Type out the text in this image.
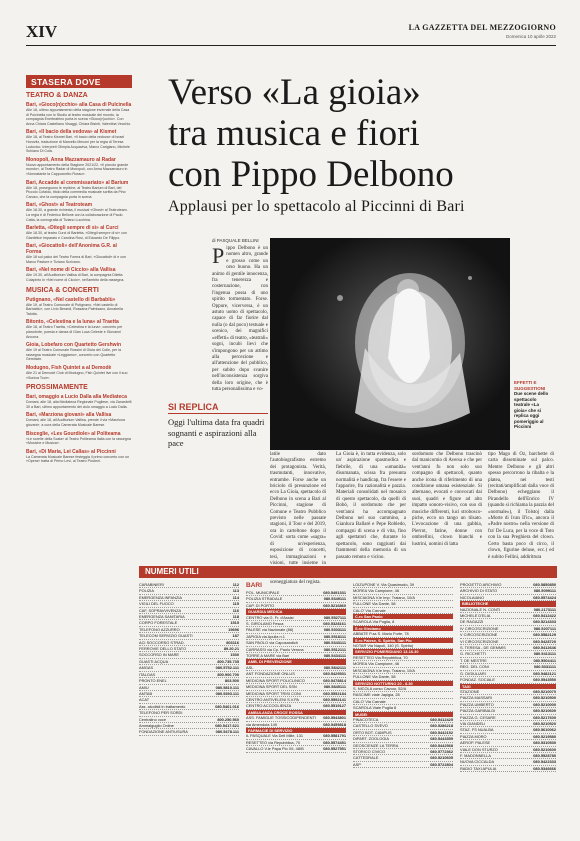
XIV	LA GAZZETTA DEL MEZZOGIORNO
Domenica 10 aprile 2022
STASERA DOVE
TEATRO & DANZA
Bari, «Gioco(n)cchio» alla Casa di Pulcinella
Alle 18, ultimo appuntamento della stagione invernale della Casa di Pulcinella con lo Studio al teatro musicale del mondo, la compagnia Enerteatrino porta in scena «Gioco(n)cchio». Con Anna Chiara Castellano Visaggi, Chiara Bisinti, Valentina Vecchio.
Bari, «Il bacio della vedova» al Kismet
Alle 18, al Teatro Kismet Bari, «Il bacio della vedova» di Israel Horovitz, traduzione di Marcello Meconi per la regia di Teresa Ludovico. Interpreti Olimpia Acquaviva, Marco Carigiano, Michele Schiano Di Cola.
Monopoli, Anna Mazzamauro al Radar
Nuovo appuntamento della Stagione 2021/22, «Il piccolo grande mondo», al Teatro Radar di Monopoli, con Anna Mazzamauro in «Nonostante la Cappuccetto Rosso».
Bari, Accadde al commissariato» al Barium
Alle 18, proseguono le repliche, al Teatro Barium di Bari, del Piccolo Cofaldo, titolo della commedia musicale scritta da Pino Caruso, che la compagnia porta in scena.
Bari, «Ghost» al Teatroteam
Alle 18.30, a grande richiesta, il musical «Ghost» al Teatroteam. La regia è di Federico Bellone con la collaborazione di Paolo Catta, la coreografia di Tiziano Lucchina.
Barletta, «Ditegli sempre di sì» al Curci
Alle 18.30, al teatro Curci di Barletta, «Ditegli sempre di sì» con Gianfelice Imparato e Carolina Rosi, di Eduardo De Filippo.
Bari, «Giocattoli» dell'Anonima G.R. al Forma
Alle 18 sul palco del Teatro Forma di Bari, «Giocattoli» di e con Marco Pastore e Tiziano Scrivano.
Bari, «Nel nome di Ciccio» alla Vallisa
Alle 19.30, all'Auditorium Vallisa di Bari, la compagnia Diletta Colapinto in «Nel nome di Ciccio», nell'ambito della rassegna.
MUSICA & CONCERTI
Putignano, «Nel castello di Barbablù»
Alle 19, al Teatro Comunale di Putignano, «Nel castello di Barbablù», con Livio Berardi, Rossana Palmisano, Annabella Talotta.
Bitonto, «Celestina e la luna» al Traetta
Alle 18, al Teatro Traetta, «Celestina e la luna», concerto per pianoforte, poesia e danza di Gian Luca Celeste e Giovanni Ancona.
Gioia, Lobefaro con Quartetto Gershwin
Alle 19 al Teatro Comunale Rossini di Gioia del Colle, per la rassegna musicale «Leggiamo», concerto con Quartetto Gershwin.
Modugno, Fish Quintet a al Demodè
Alle 21 al Demodè Club di Modugno, Fish Quintet live con il suo «Sonica Tour».
PROSSIMAMENTE
Bari, omaggio a Lucio Dalla alla Mediateca
Domani, alle 18, alla Mediateca Regionale Pugliese, via Zanardelli 30 a Bari, ultimo appuntamento del ciclo omaggio a Lucio Dalla.
Bari, «Marziona giovani» alla Vallisa
Domani, alle 18, all'Auditorium Vallisa, prende il via «Marziona giovani», a cura della Camerata Musicale Barese.
Bisceglie, «Les Gourdiole» al Politeama
«Le sorelle della Scala» al Teatro Politeama Italia con la rassegna «Musiche e Musica».
Bari, «Di Maria, Lei Callas» al Piccinni
La Camerata Musicale Barese festeggia il primo concerto con un «Opera» tratta di Primo Levi, al Teatro Piccinni.
Verso «La gioia»
tra musica e fiori
con Pippo Delbono
Applausi per lo spettacolo al Piccinni di Bari
di PASQUALE BELLINI
P ippo Delbono è un nomen altro, grande e grosso come un orso buono. Ha un animo di gentile innocenza, fra tenerezza e costernazione, con l'ingenua possa di uno spirito tormentato. Forse. Oppure, vicerversa, è un astuto uomo di spettacolo, capace di far fiorire dal nulla (o dal poco) testuale e scenico, dei magnifici «effetti» di teatro, «teatrali» sogni, incubi lievi che s'impongono per un attimo alla percezione e all'attenzione del pubblico, per subito dopo svanire nell'inconsistenza sorgiva della loro origine, che è tutta personalissima e vo-
EFFETTI E SUGGESTIONI
Due scene dello spettacolo teatrale «La gioia» che si replica oggi pomeriggio al Piccinni
latile dato l'autobiografismo estremo dei protagonista. Verità, trasmutanti, innovative, entrambe. Forse anche un briciolo di presunzione ed ecco La Gioia, spettacolo di Delbono in scena a Bari al Piccinni, stagione di Comune e Teatro Pubblico previsto nelle passate stagioni, il Tour e del 2019, ora in carteltone dopo il Covid: sorta come «sagra» di un'esperienza, esposizione di concetti, tesi, immaginazioni e visioni, tutte insieme in sceneggiatura del regista.
SI REPLICA
Oggi l'ultima data fra quadri sognanti e aspirazioni alla pace
La Gioia è, in tutta evidenza, solo un' aspirazione spasmodica e fiebrile, di una «umanità» disumanata, scissa fra presunta normalità e handicap, fra l'essere e l'apparire, fra razionalità e pazzia. Materiali consolidati nel mosaico di questo spettacolo, da quelli di Bobò, il sordomuto che per vent'anni ha accompagnato Delbono nel suo cammino, a Gianluca Ballarè e Pepe Robledo, compagni di scena e di vita, fino agli spettatori che, durante lo spettacolo, sono raggiunti dai frammenti della memoria di un passato remoto e vicino.
sordomuto che Delbono trascinò dal manicomio di Aversa e che per vent'anni fu non solo suo compagno di spettacoli, quanto anche icona di riferimento di una condizione umana esistenziale. Si alternano, evocati e convocati dai suoi, quadri e figure ad alto impatto sonoro-visivo, con suo di musiche differenti, luci strobosco-piche, ecco un tango un tilsato. L'evocazione di una gabbia, Pierrot, fatine, donne con ombrellini, clown bianchi e lustrini, uomini di latta
tipo Mago di Oz, barchette di carta disseminate sul palco. Mentre Delbono e gli altri spesso percorrono la ribalta e la platea, nei testi (recitati/amplificati dalla voce di Delbono) echeggiano il Pirandello dell'Enrico IV (quando si richiama la pazzia del «normale»), il Tolstoj dalla «Morte di Ivan Il'ic», ancora il «Padre nostro» nella versione di fra' De Luca, per la voce di Toto con la sua Preghiera del clown. Certo basta poco di circo, il clown, figurine deluse, ecc.) ed è subito Fellini, addirittura
NUMERI UTILI
CARABINIERI	112
POLIZIA	113
EMERGENZA INFANZIA	114
VIGILI DEL FUOCO	115
CAF, SOPRAVVIVENZA	116
EMERGENZA SANITARIA	118
CORPO FORESTALE	1515
TELEFONO AZZURRO	19696
TELECOM SERVIZIO GUASTI	187
ACI SOCCORSO STRAD.	803116
FERROVIE DELLO STATO	89.20.21
SOCCORSO IN MARE	1530
GUASTI ACQUA	800.735.735
AMGAS	080.5752.111
ITALGAS	800.900.700
PRONTO ENEL	803.500
AMIU	080.5810.111
AMTAB	080.5393.111
ACAT
Ass. alcolisti in trattamento	080.5461.016
TELEFONO PER SORDI
Centralino voce	800.250.560
Ammalguglio Online	080.5417.621
FONDAZIONE ANTIUSURA	080.5478.111
BARI
POL. MUNICIPALE	080.5491331
POLIZIA STRADALE	080.5349111
CAP. DI PORTO	080.5216860
GUARDIA MEDICA
CENTRO via G. Fr. d'Assisi	080.5527111
S. GIROLAMO Fesca	080.5328161
PALESE via Nazionale (86)	080.5303111
JAPIGIA via Apulia n.1	080.5518111
SAN PAOLO via Caposandich	080.5343111
CARRASSI via Cp. Paolo Verona	080.5512111
TORRE A MARE via Bari	080.5434111
AMB. DI PREVENZIONE
ASL	080.5842111
ANT FONDAZIONE ONLUS	080.5429531
MEDICINA SPORT POLICLINICO	080.5478814
MEDICINA SPORT DEL SSN	080.5845111
MEDICINA SPORT TRISI CONI	080.5552184
CENTRO ANTIVELENI S.V.PA	080.5592141
CENTRO ACCOGLIENZA	080.5519127
AMBULANZA CROCE ROSSA
ASS. FAMIGLIE TOSSICODIPENDENTI 080.5543801
via Amendola 149	080.5459818
FARMACIE DI SERVIZIO
IL PASQUALE Via Dell Mille, 131	080.5581791
RESETTEO via Repubblica, 70	080.5574451
CAVALLO V.le Papa Pio XII, 48/B	080.5527551
LOIZUPONE V. Via Quasimodo, 39
MOREA Via Campione, 46
MISCIAGNA V.le Imp. Traiano, 10/A
FULLONE Via Dante, 58
CALO' Via Carnale
C.ro San Paolo
SCAROLA Via Puglia, 8
S.ro Girolamo
ABBATE P.za S. Mario Forte, 78
S.ro Palese, S. Spirito, San Pio
NOTAR Via Napoli, 140 (S. Spirito)
SERVIZIO POMERIDIANO 13-16.30
RESETTEO Via Repubblica, 70
MOREA Via Campione, 46
MISCIAGNA V.le Imp. Traiano, 10/A
FULLONE Via Dante, 58
SERVIZIO NOTTURNO 20 - 8.30
S. NICOLA corso Cavour, 52/A
RASCIME viale Japigia, 28
CALO' Via Carnale
SCAROLA Viale Puglia 8
MUSEI
PINACOTECA	080.5412425
CASTELLO SVEVO	080.5286218
ORTO BOT. CAMPUS	080.5442152
DIPART. ZOOLOGIA	080.5443359
GEOSCIENZE LA TERRA	080.5442568
STORICO CIVICO	080.5772362
CATTEDRALE	080.5210605
ASP	080.5722804
PROGETTO ARCHIVIO	080.5850850
ARCHIVIO DI STATO	080.5099111
NICOLAIANO	080.5574424
BIBLIOTECHE
NAZIONALE N. CONTI	080.2173111
MICHELE D'ELIA	080.5412422
DE RAGAZZI	080.5214333
IV CIRCOSCRIZIONE	080.5207111
V CIRCOSCRIZIONE	080.5582129
VI CIRCOSCRIZIONE	080.5428720
S. TERESA - DE GEMMIS	080.5412646
G. RICCHETTI	080.5413111
T. DE MESTRE	080.5504411
REG. DEL CONI	080.5331111
G. DIGIULIARI	080.5482121
FONDAZ. SOCIALE	080.5543550
TAXI
STAZIONE	080.5210070
PIAZZA MASSARI	080.5210500
PIAZZA UMBERTO	080.5210000
PIAZZA GARIBALDI	080.5210600
PIAZZA G. CESARE	080.5217600
VIA GIANDELI	080.5210520
STAZ. FS NUALBA	080.5610062
PIAZZA MORO	080.5219580
AEROP. PALESE	080.5310530
VIALE DON STURZO	080.5210600
F. MADONNELLA	080.5528780
NUOVA CICCALDA	080.5422333
RADIO TAXI APULIA	080.5346666
